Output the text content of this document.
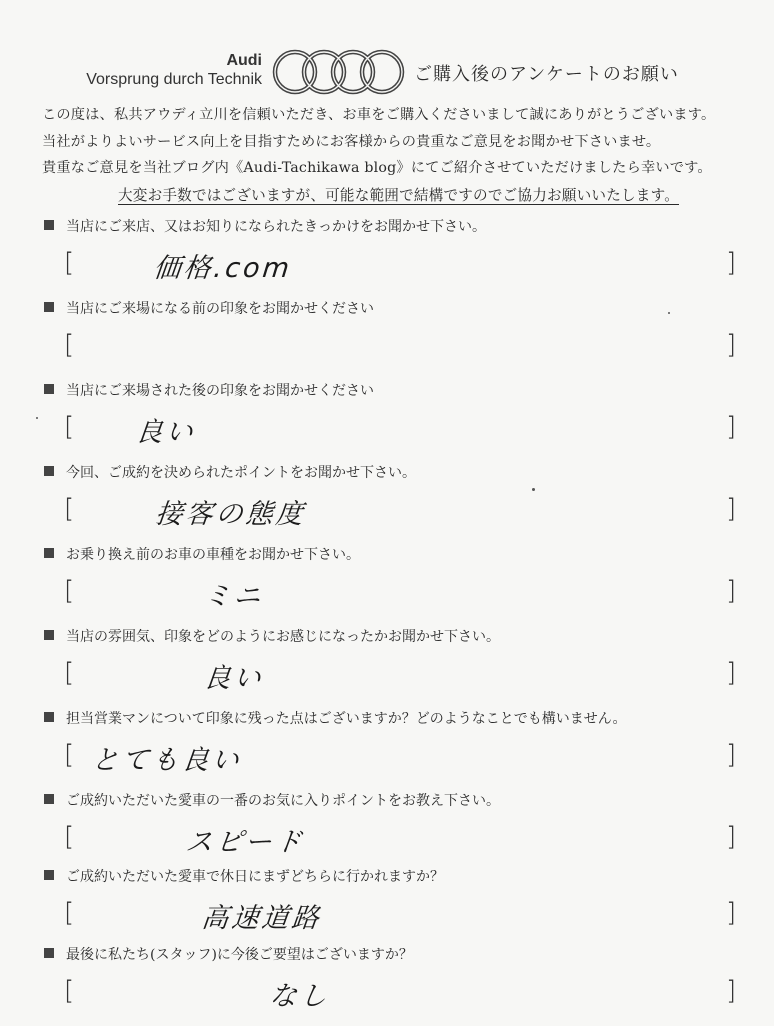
Audi
Vorsprung durch Technik	ご購入後のアンケートのお願い
この度は、私共アウディ立川を信頼いただき、お車をご購入くださいまして誠にありがとうございます。
当社がよりよいサービス向上を目指すためにお客様からの貴重なご意見をお聞かせ下さいませ。
貴重なご意見を当社ブログ内《Audi-Tachikawa blog》にてご紹介させていただけましたら幸いです。
大変お手数ではございますが、可能な範囲で結構ですのでご協力お願いいたします。
当店にご来店、又はお知りになられたきっかけをお聞かせ下さい。
[	価格.com	]
当店にご来場になる前の印象をお聞かせください
[	]
当店にご来場された後の印象をお聞かせください
[ 良い	]
今回、ご成約を決められたポイントをお聞かせ下さい。
[	接客の態度	]
お乗り換え前のお車の車種をお聞かせ下さい。
[	ミニ	]
当店の雰囲気、印象をどのようにお感じになったかお聞かせ下さい。
[	良い	]
担当営業マンについて印象に残った点はございますか？どのようなことでも構いません。
[ とても良い	]
ご成約いただいた愛車の一番のお気に入りポイントをお教え下さい。
[	スピード	]
ご成約いただいた愛車で休日にまずどちらに行かれますか？
[	高速道路	]
最後に私たち(スタッフ)に今後ご要望はございますか？
[	なし	]
